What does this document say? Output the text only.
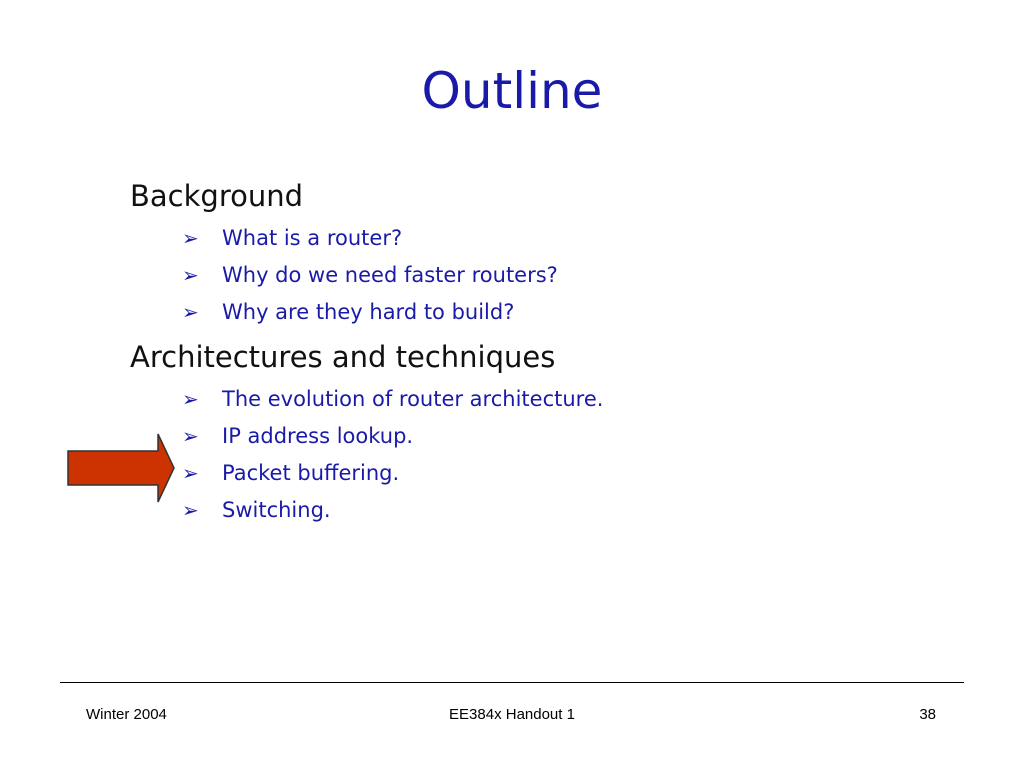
Outline
Background
➢ What is a router?
➢ Why do we need faster routers?
➢ Why are they hard to build?
Architectures and techniques
➢ The evolution of router architecture.
➢ IP address lookup.
➢ Packet buffering.
➢ Switching.
Winter 2004	EE384x Handout 1	38
